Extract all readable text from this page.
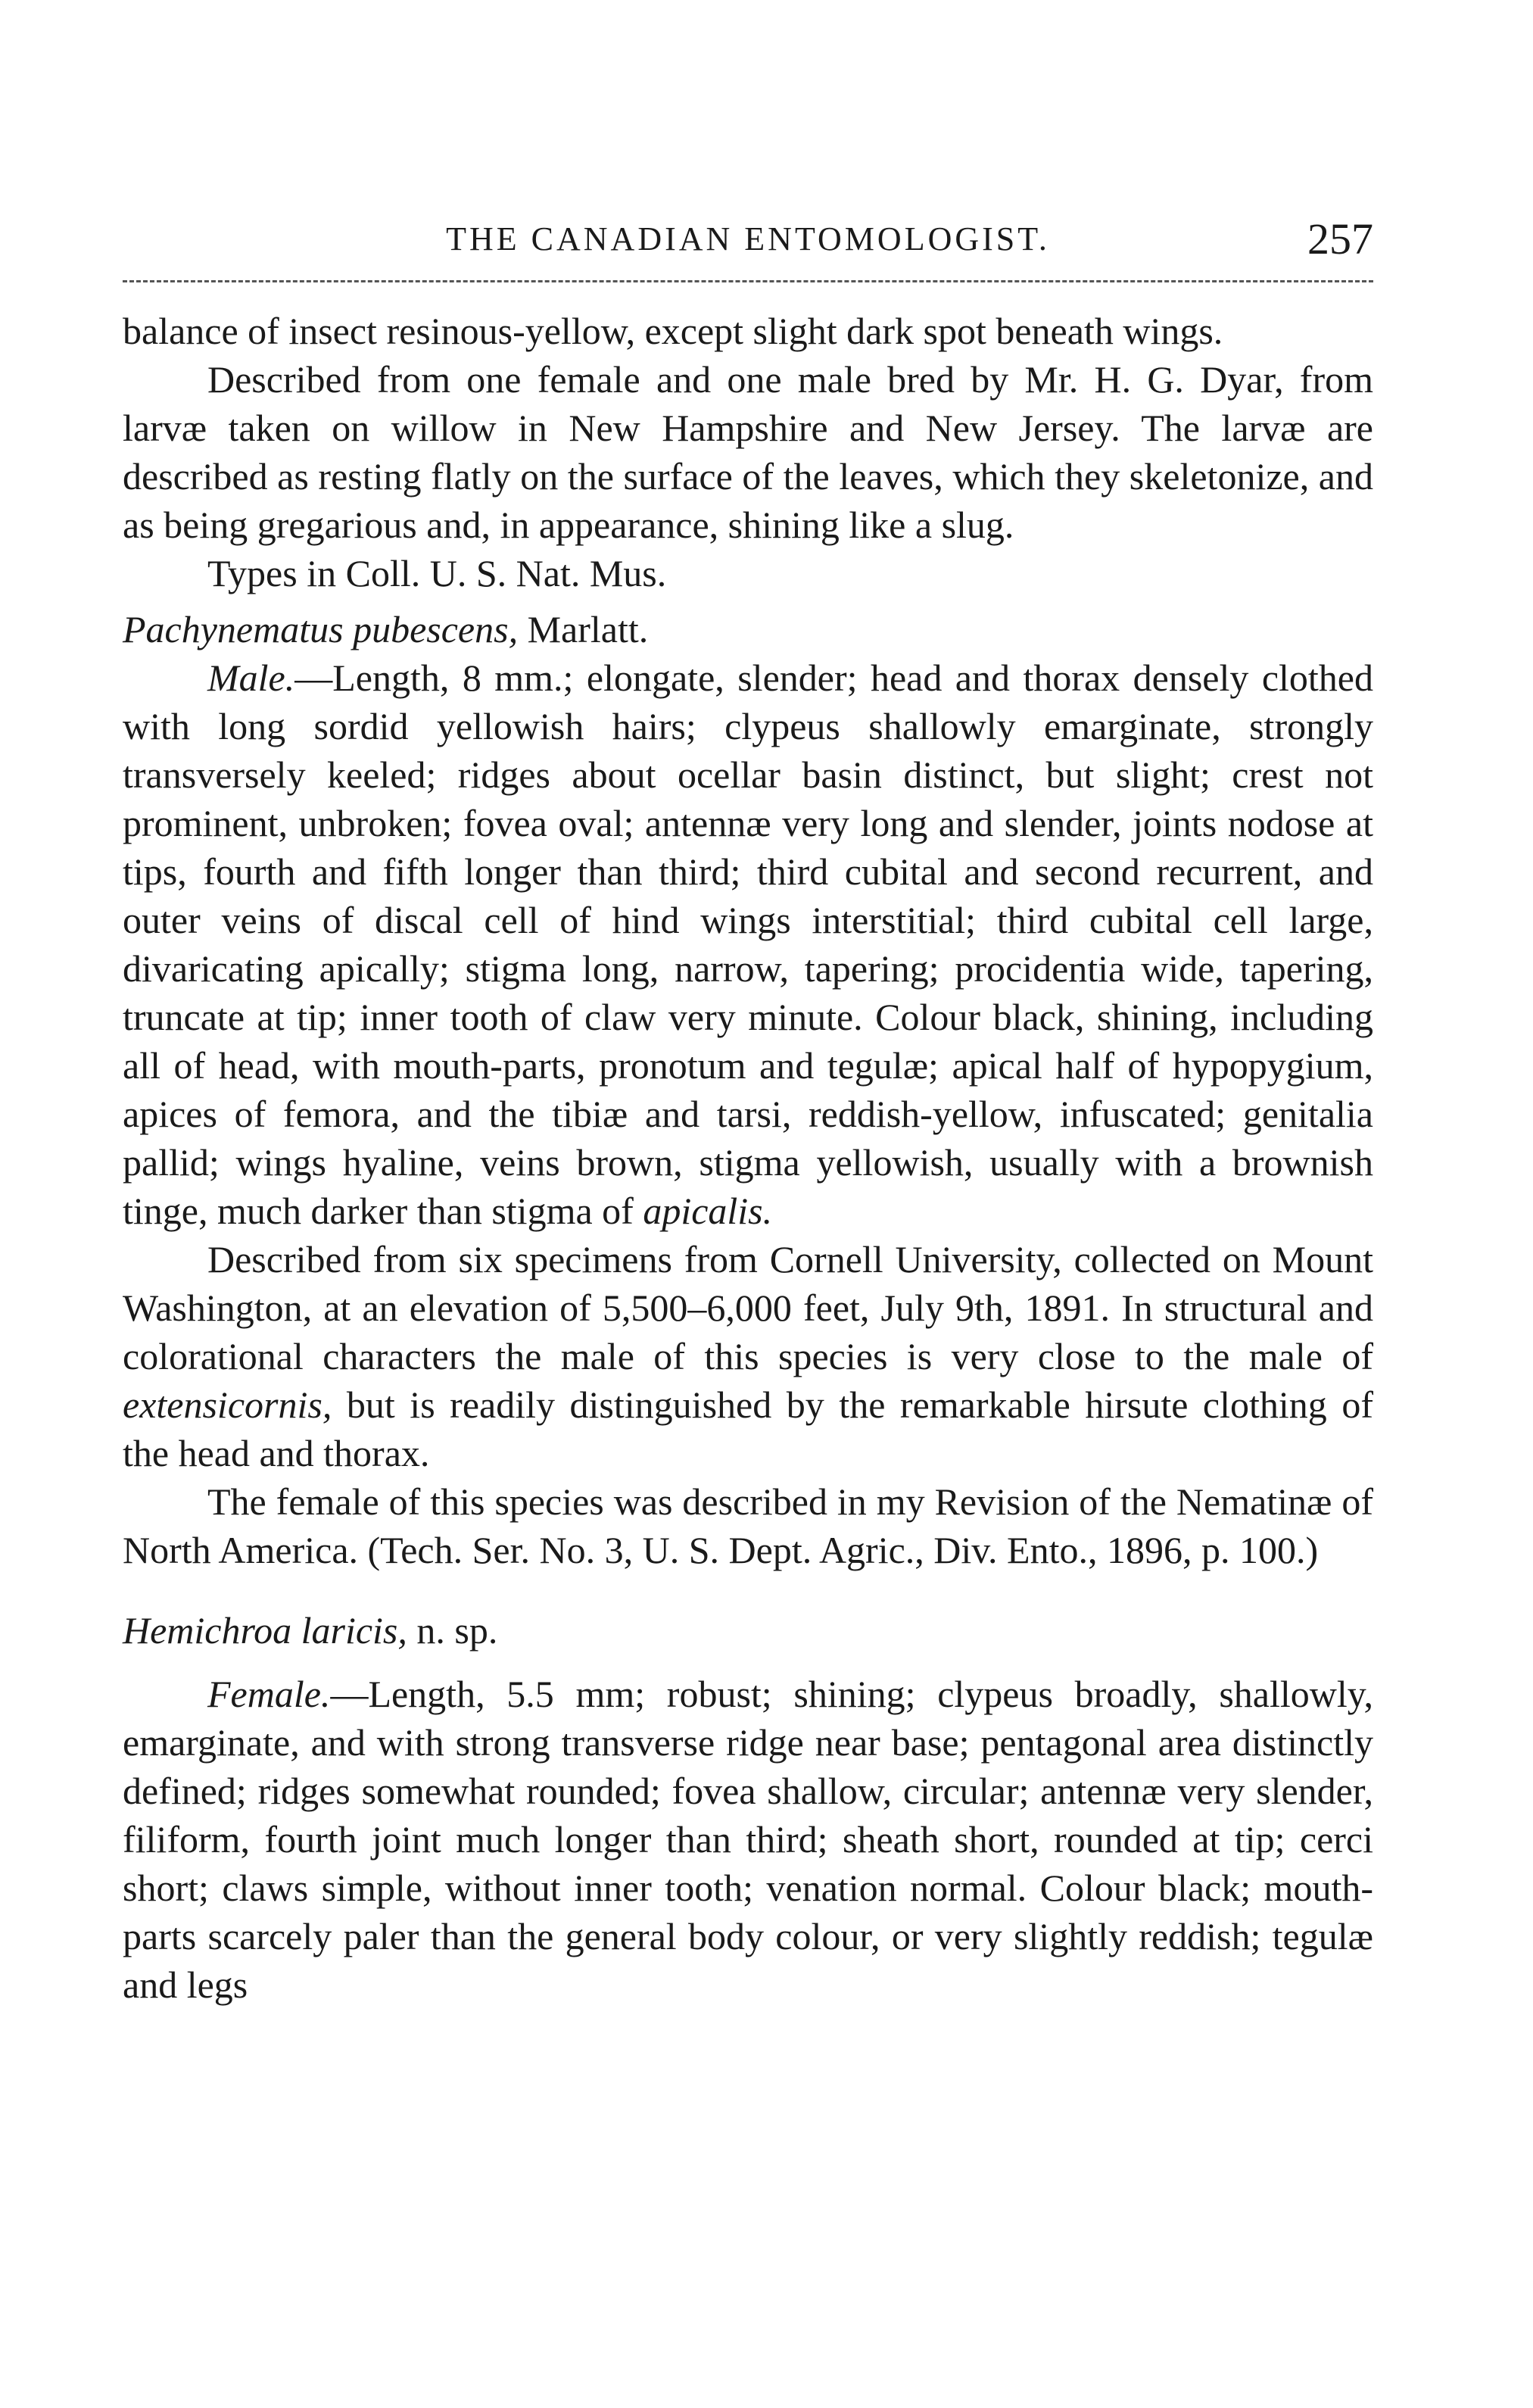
THE CANADIAN ENTOMOLOGIST.	257

balance of insect resinous-yellow, except slight dark spot beneath wings.

Described from one female and one male bred by Mr. H. G. Dyar, from larvæ taken on willow in New Hampshire and New Jersey. The larvæ are described as resting flatly on the surface of the leaves, which they skeletonize, and as being gregarious and, in appearance, shining like a slug.

Types in Coll. U. S. Nat. Mus.

Pachynematus pubescens, Marlatt.

Male.—Length, 8 mm.; elongate, slender; head and thorax densely clothed with long sordid yellowish hairs; clypeus shallowly emarginate, strongly transversely keeled; ridges about ocellar basin distinct, but slight; crest not prominent, unbroken; fovea oval; antennæ very long and slender, joints nodose at tips, fourth and fifth longer than third; third cubital and second recurrent, and outer veins of discal cell of hind wings interstitial; third cubital cell large, divaricating apically; stigma long, narrow, tapering; procidentia wide, tapering, truncate at tip; inner tooth of claw very minute. Colour black, shining, including all of head, with mouth-parts, pronotum and tegulæ; apical half of hypopygium, apices of femora, and the tibiæ and tarsi, reddish-yellow, infuscated; genitalia pallid; wings hyaline, veins brown, stigma yellowish, usually with a brownish tinge, much darker than stigma of apicalis.

Described from six specimens from Cornell University, collected on Mount Washington, at an elevation of 5,500–6,000 feet, July 9th, 1891. In structural and colorational characters the male of this species is very close to the male of extensicornis, but is readily distinguished by the remarkable hirsute clothing of the head and thorax.

The female of this species was described in my Revision of the Nematinæ of North America. (Tech. Ser. No. 3, U. S. Dept. Agric., Div. Ento., 1896, p. 100.)

Hemichroa laricis, n. sp.

Female.—Length, 5.5 mm; robust; shining; clypeus broadly, shallowly, emarginate, and with strong transverse ridge near base; pentagonal area distinctly defined; ridges somewhat rounded; fovea shallow, circular; antennæ very slender, filiform, fourth joint much longer than third; sheath short, rounded at tip; cerci short; claws simple, without inner tooth; venation normal. Colour black; mouth-parts scarcely paler than the general body colour, or very slightly reddish; tegulæ and legs
